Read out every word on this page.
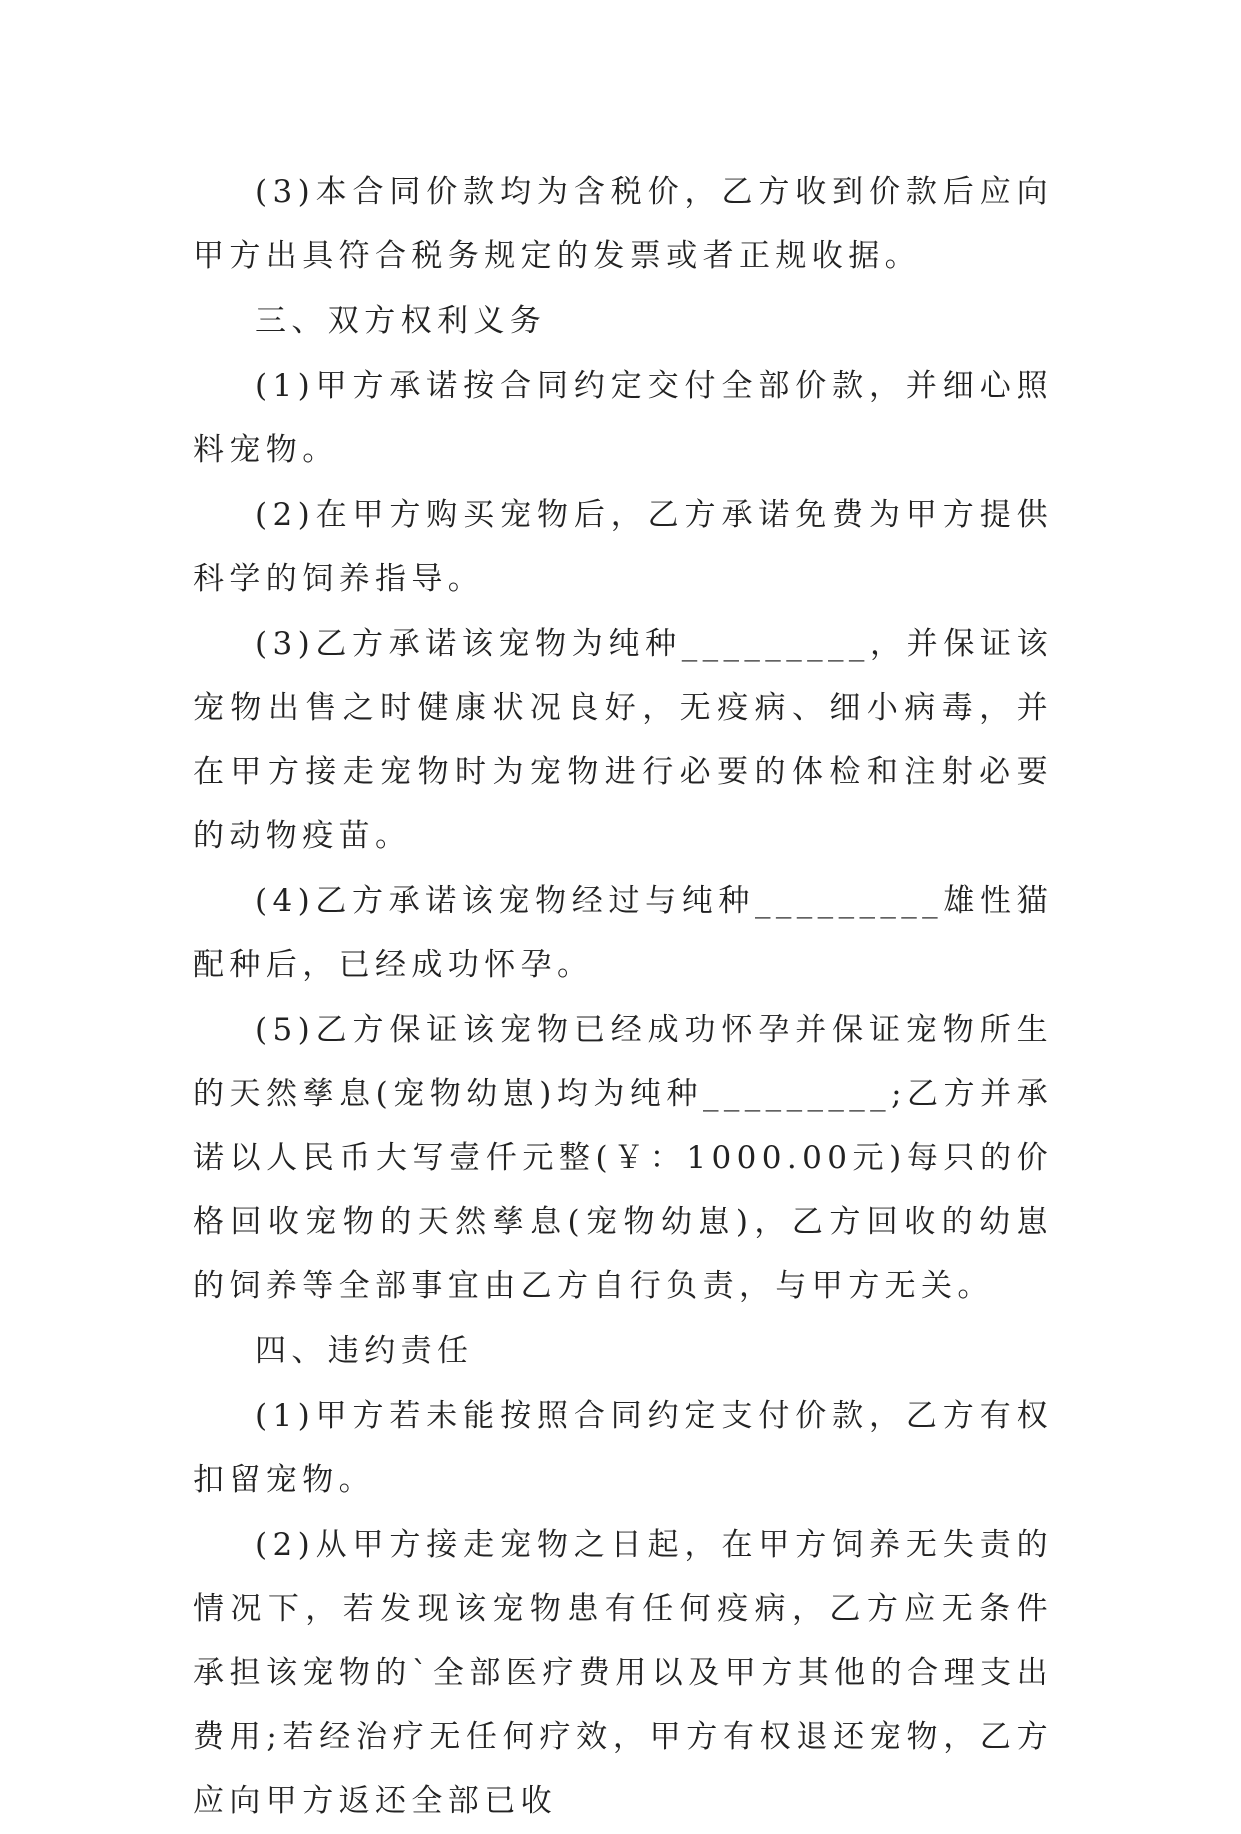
(3)本合同价款均为含税价，乙方收到价款后应向甲方出具符合税务规定的发票或者正规收据。

三、双方权利义务

(1)甲方承诺按合同约定交付全部价款，并细心照料宠物。

(2)在甲方购买宠物后，乙方承诺免费为甲方提供科学的饲养指导。

(3)乙方承诺该宠物为纯种_________，并保证该宠物出售之时健康状况良好，无疫病、细小病毒，并在甲方接走宠物时为宠物进行必要的体检和注射必要的动物疫苗。

(4)乙方承诺该宠物经过与纯种_________雄性猫配种后，已经成功怀孕。

(5)乙方保证该宠物已经成功怀孕并保证宠物所生的天然孳息(宠物幼崽)均为纯种_________;乙方并承诺以人民币大写壹仟元整(￥：1000.00元)每只的价格回收宠物的天然孳息(宠物幼崽)，乙方回收的幼崽的饲养等全部事宜由乙方自行负责，与甲方无关。

四、违约责任

(1)甲方若未能按照合同约定支付价款，乙方有权扣留宠物。

(2)从甲方接走宠物之日起，在甲方饲养无失责的情况下，若发现该宠物患有任何疫病，乙方应无条件承担该宠物的`全部医疗费用以及甲方其他的合理支出费用;若经治疗无任何疗效，甲方有权退还宠物，乙方应向甲方返还全部已收
